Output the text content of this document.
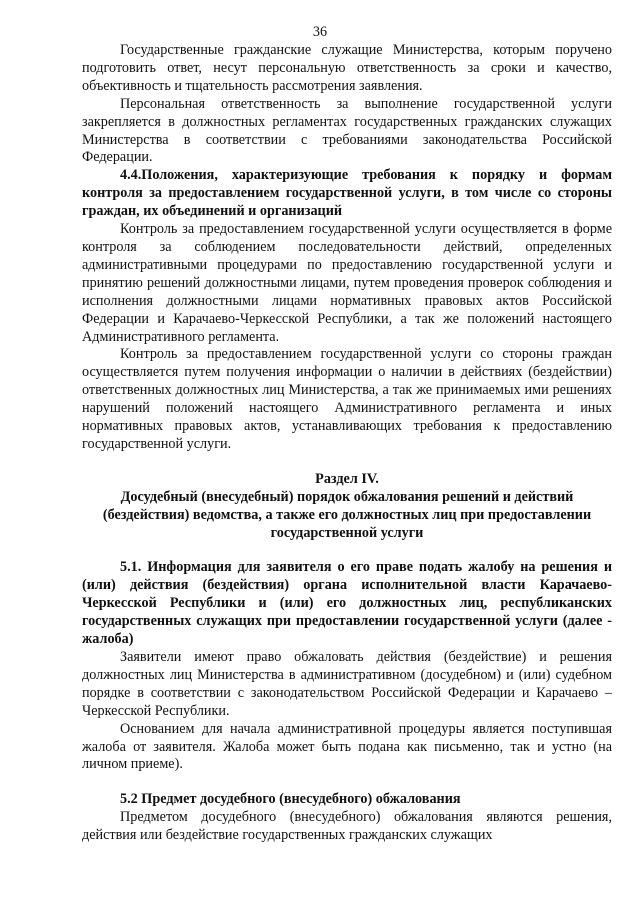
36

Государственные гражданские служащие Министерства, которым поручено подготовить ответ, несут персональную ответственность за сроки и качество, объективность и тщательность рассмотрения заявления.

Персональная ответственность за выполнение государственной услуги закрепляется в должностных регламентах государственных гражданских служащих Министерства в соответствии с требованиями законодательства Российской Федерации.

4.4.Положения, характеризующие требования к порядку и формам контроля за предоставлением государственной услуги, в том числе со стороны граждан, их объединений и организаций

Контроль за предоставлением государственной услуги осуществляется в форме контроля за соблюдением последовательности действий, определенных административными процедурами по предоставлению государственной услуги и принятию решений должностными лицами, путем проведения проверок соблюдения и исполнения должностными лицами нормативных правовых актов Российской Федерации и Карачаево-Черкесской Республики, а так же положений настоящего Административного регламента.

Контроль за предоставлением государственной услуги со стороны граждан осуществляется путем получения информации о наличии в действиях (бездействии) ответственных должностных лиц Министерства, а так же принимаемых ими решениях нарушений положений настоящего Административного регламента и иных нормативных правовых актов, устанавливающих требования к предоставлению государственной услуги.

Раздел IV.

Досудебный (внесудебный) порядок обжалования решений и действий (бездействия) ведомства, а также его должностных лиц при предоставлении государственной услуги

5.1. Информация для заявителя о его праве подать жалобу на решения и (или) действия (бездействия) органа исполнительной власти Карачаево-Черкесской Республики и (или) его должностных лиц, республиканских государственных служащих при предоставлении государственной услуги (далее - жалоба)

Заявители имеют право обжаловать действия (бездействие) и решения должностных лиц Министерства в административном (досудебном) и (или) судебном порядке в соответствии с законодательством Российской Федерации и Карачаево – Черкесской Республики.

Основанием для начала административной процедуры является поступившая жалоба от заявителя. Жалоба может быть подана как письменно, так и устно (на личном приеме).

5.2 Предмет досудебного (внесудебного) обжалования

Предметом досудебного (внесудебного) обжалования являются решения, действия или бездействие государственных гражданских служащих
